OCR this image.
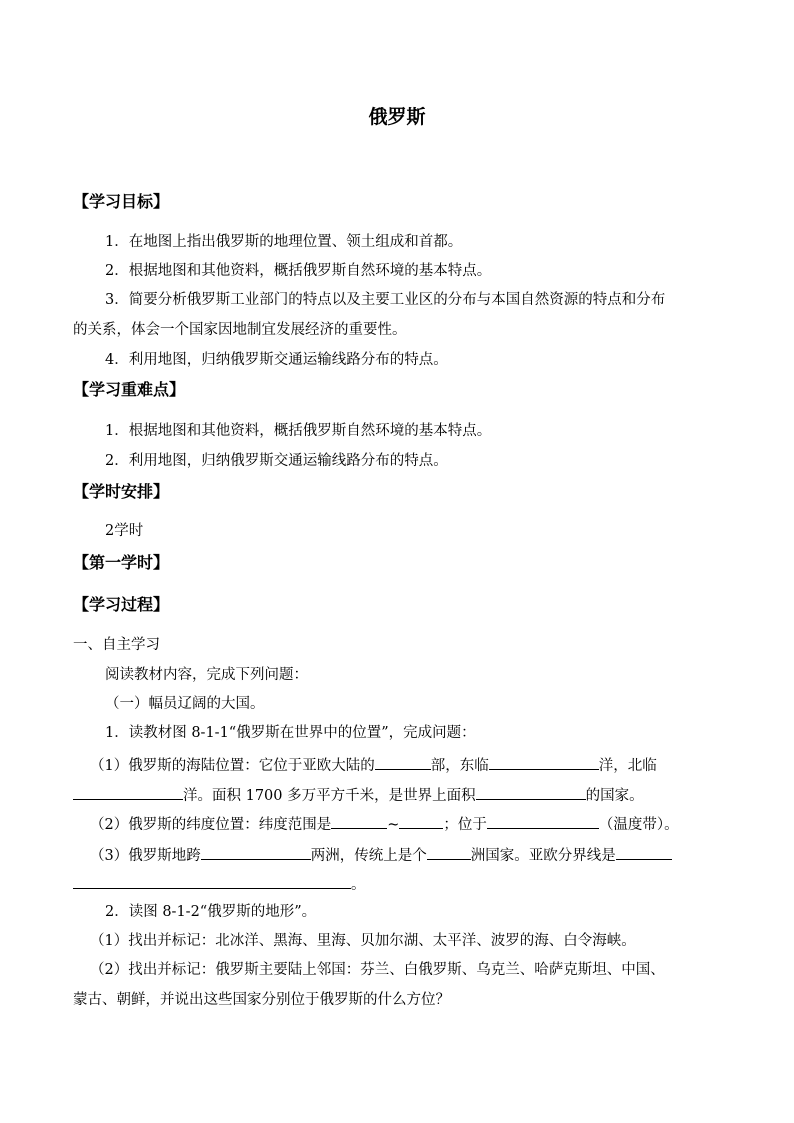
俄罗斯
【学习目标】
1．在地图上指出俄罗斯的地理位置、领土组成和首都。
2．根据地图和其他资料，概括俄罗斯自然环境的基本特点。
3．简要分析俄罗斯工业部门的特点以及主要工业区的分布与本国自然资源的特点和分布
的关系，体会一个国家因地制宜发展经济的重要性。
4．利用地图，归纳俄罗斯交通运输线路分布的特点。
【学习重难点】
1．根据地图和其他资料，概括俄罗斯自然环境的基本特点。
2．利用地图，归纳俄罗斯交通运输线路分布的特点。
【学时安排】
2学时
【第一学时】
【学习过程】
一、自主学习
阅读教材内容，完成下列问题：
（一）幅员辽阔的大国。
1．读教材图 8-1-1“俄罗斯在世界中的位置”，完成问题：
（1）俄罗斯的海陆位置：它位于亚欧大陆的	部，东临	洋，北临
洋。面积 1700 多万平方千米，是世界上面积	的国家。
（2）俄罗斯的纬度位置：纬度范围是	~	；位于	（温度带）。
（3）俄罗斯地跨	两洲，传统上是个	洲国家。亚欧分界线是
。
2．读图 8-1-2“俄罗斯的地形”。
（1）找出并标记：北冰洋、黑海、里海、贝加尔湖、太平洋、波罗的海、白令海峡。
（2）找出并标记：俄罗斯主要陆上邻国：芬兰、白俄罗斯、乌克兰、哈萨克斯坦、中国、
蒙古、朝鲜，并说出这些国家分别位于俄罗斯的什么方位？
